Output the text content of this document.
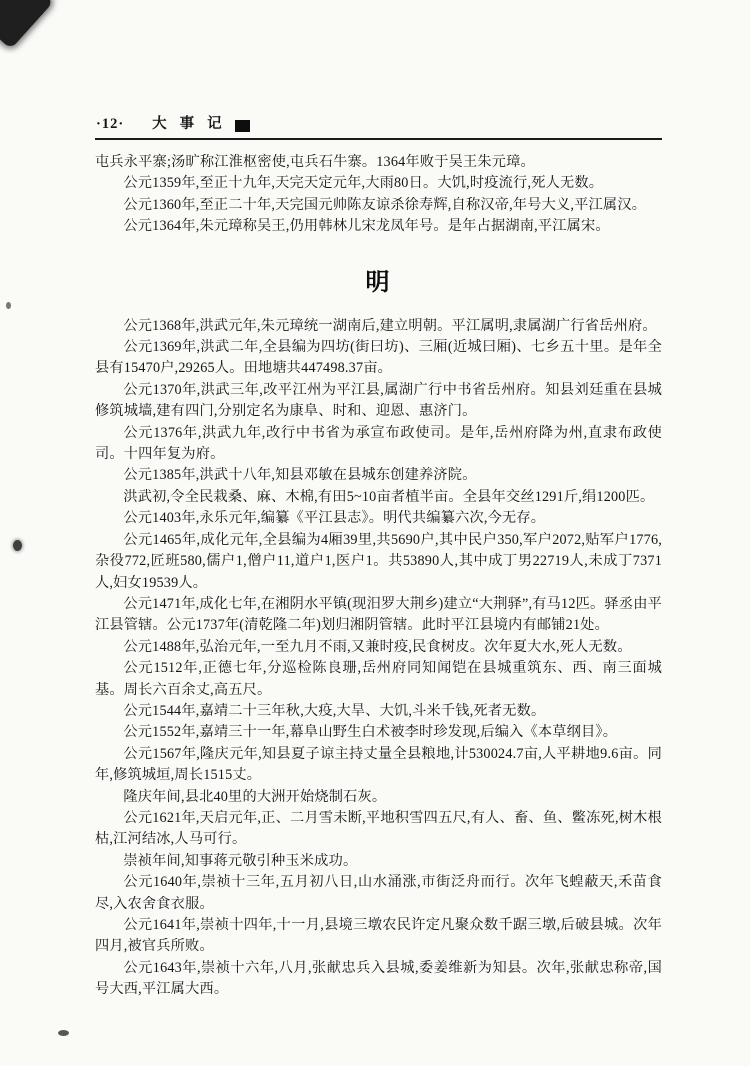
·12· 大事记

屯兵永平寨;汤旷称江淮枢密使,屯兵石牛寨。1364年败于吴王朱元璋。

公元1359年,至正十九年,天完天定元年,大雨80日。大饥,时疫流行,死人无数。

公元1360年,至正二十年,天完国元帅陈友谅杀徐寿辉,自称汉帝,年号大义,平江属汉。

公元1364年,朱元璋称吴王,仍用韩林儿宋龙凤年号。是年占据湖南,平江属宋。

明

公元1368年,洪武元年,朱元璋统一湖南后,建立明朝。平江属明,隶属湖广行省岳州府。

公元1369年,洪武二年,全县编为四坊(街曰坊)、三厢(近城曰厢)、七乡五十里。是年全县有15470户,29265人。田地塘共447498.37亩。

公元1370年,洪武三年,改平江州为平江县,属湖广行中书省岳州府。知县刘廷重在县城修筑城墙,建有四门,分别定名为康阜、时和、迎恩、惠济门。

公元1376年,洪武九年,改行中书省为承宣布政使司。是年,岳州府降为州,直隶布政使司。十四年复为府。

公元1385年,洪武十八年,知县邓敏在县城东创建养济院。

洪武初,令全民栽桑、麻、木棉,有田5~10亩者植半亩。全县年交丝1291斤,绢1200匹。

公元1403年,永乐元年,编纂《平江县志》。明代共编纂六次,今无存。

公元1465年,成化元年,全县编为4厢39里,共5690户,其中民户350,军户2072,贴军户1776,杂役772,匠班580,儒户1,僧户11,道户1,医户1。共53890人,其中成丁男22719人,未成丁7371人,妇女19539人。

公元1471年,成化七年,在湘阴水平镇(现汨罗大荆乡)建立“大荆驿”,有马12匹。驿丞由平江县管辖。公元1737年(清乾隆二年)划归湘阴管辖。此时平江县境内有邮铺21处。

公元1488年,弘治元年,一至九月不雨,又兼时疫,民食树皮。次年夏大水,死人无数。

公元1512年,正德七年,分巡检陈良珊,岳州府同知闻铠在县城重筑东、西、南三面城基。周长六百余丈,高五尺。

公元1544年,嘉靖二十三年秋,大疫,大旱、大饥,斗米千钱,死者无数。

公元1552年,嘉靖三十一年,幕阜山野生白术被李时珍发现,后编入《本草纲目》。

公元1567年,隆庆元年,知县夏子谅主持丈量全县粮地,计530024.7亩,人平耕地9.6亩。同年,修筑城垣,周长1515丈。

隆庆年间,县北40里的大洲开始烧制石灰。

公元1621年,天启元年,正、二月雪未断,平地积雪四五尺,有人、畜、鱼、鳖冻死,树木根枯,江河结冰,人马可行。

崇祯年间,知事蒋元敬引种玉米成功。

公元1640年,崇祯十三年,五月初八日,山水涌涨,市街泛舟而行。次年飞蝗蔽天,禾苗食尽,入农舍食衣服。

公元1641年,崇祯十四年,十一月,县境三墩农民许定凡聚众数千踞三墩,后破县城。次年四月,被官兵所败。

公元1643年,崇祯十六年,八月,张献忠兵入县城,委姜维新为知县。次年,张献忠称帝,国号大西,平江属大西。
